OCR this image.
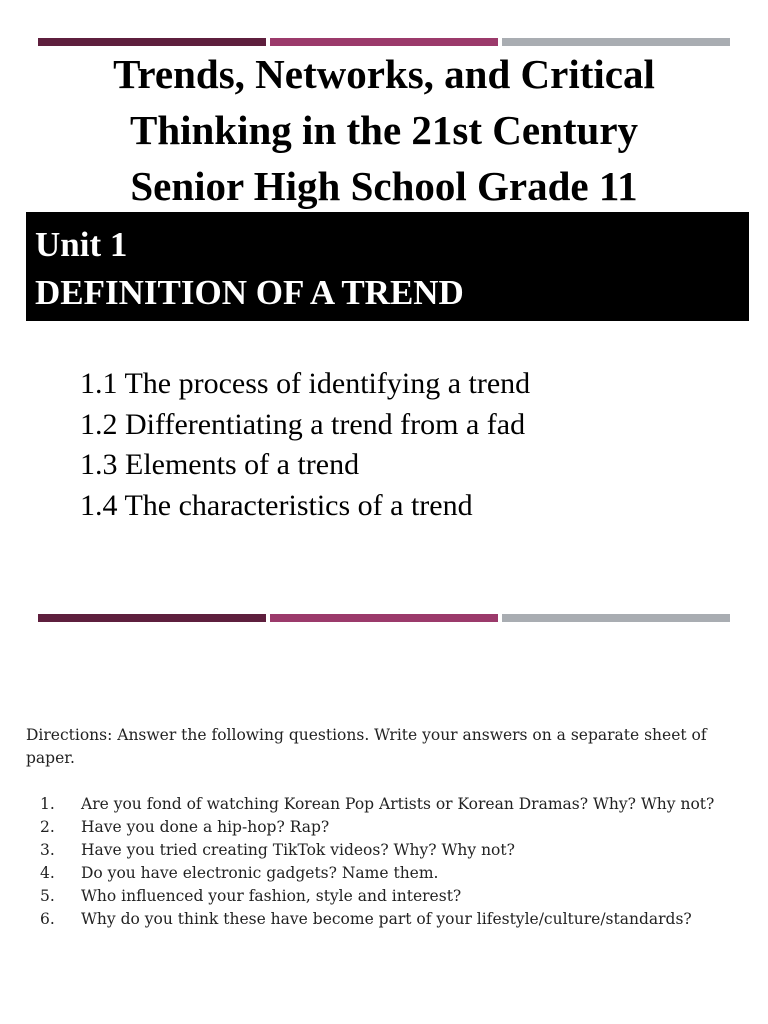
Trends, Networks, and Critical
Thinking in the 21st Century
Senior High School Grade 11
Unit 1
DEFINITION OF A TREND
1.1 The process of identifying a trend
1.2 Differentiating a trend from a fad
1.3 Elements of a trend
1.4 The characteristics of a trend
Directions: Answer the following questions. Write your answers on a separate sheet of paper.
1. Are you fond of watching Korean Pop Artists or Korean Dramas? Why? Why not?
2. Have you done a hip-hop? Rap?
3. Have you tried creating TikTok videos? Why? Why not?
4. Do you have electronic gadgets? Name them.
5. Who influenced your fashion, style and interest?
6. Why do you think these have become part of your lifestyle/culture/standards?
